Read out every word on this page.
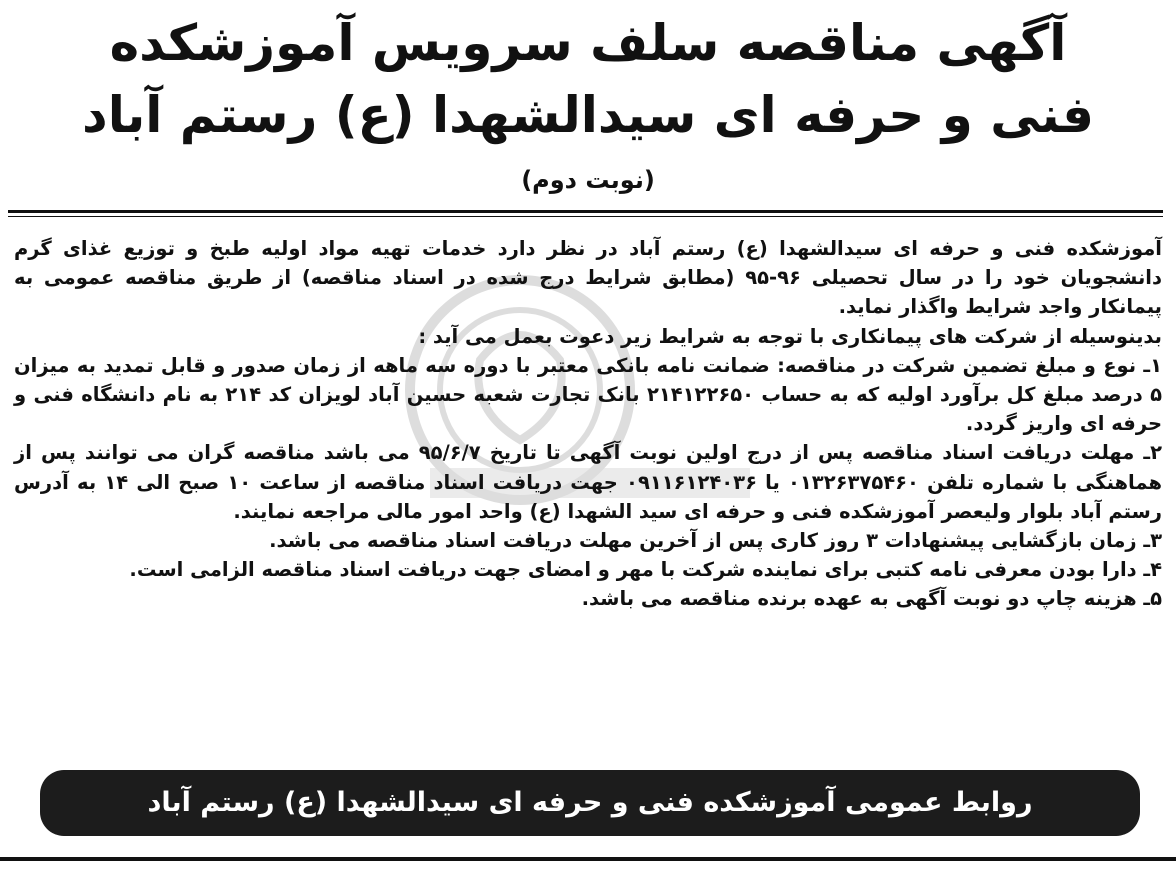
آگهی مناقصه سلف سرویس آموزشکده
فنی و حرفه ای سیدالشهدا (ع) رستم آباد
(نوبت دوم)

آموزشکده فنی و حرفه ای سیدالشهدا (ع) رستم آباد در نظر دارد خدمات تهیه مواد اولیه طبخ و توزیع غذای گرم دانشجویان خود را در سال تحصیلی ۹۶-۹۵ (مطابق شرایط درج شده در اسناد مناقصه) از طریق مناقصه عمومی به پیمانکار واجد شرایط واگذار نماید.

بدینوسیله از شرکت های پیمانکاری با توجه به شرایط زیر دعوت بعمل می آید :

۱ـ نوع و مبلغ تضمین شرکت در مناقصه: ضمانت نامه بانکی معتبر با دوره سه ماهه از زمان صدور و قابل تمدید به میزان ۵ درصد مبلغ کل برآورد اولیه که به حساب ۲۱۴۱۲۲۶۵۰ بانک تجارت شعبه حسین آباد لویزان کد ۲۱۴ به نام دانشگاه فنی و حرفه ای واریز گردد.

۲ـ مهلت دریافت اسناد مناقصه پس از درج اولین نوبت آگهی تا تاریخ ۹۵/۶/۷ می باشد مناقصه گران می توانند پس از هماهنگی با شماره تلفن ۰۱۳۲۶۳۷۵۴۶۰ یا ۰۹۱۱۶۱۲۴۰۳۶ جهت دریافت اسناد مناقصه از ساعت ۱۰ صبح الی ۱۴ به آدرس رستم آباد بلوار ولیعصر آموزشکده فنی و حرفه ای سید الشهدا (ع) واحد امور مالی مراجعه نمایند.

۳ـ زمان بازگشایی پیشنهادات ۳ روز کاری پس از آخرین مهلت دریافت اسناد مناقصه می باشد.

۴ـ دارا بودن معرفی نامه کتبی برای نماینده شرکت با مهر و امضای جهت دریافت اسناد مناقصه الزامی است.

۵ـ هزینه چاپ دو نوبت آگهی به عهده برنده مناقصه می باشد.

روابط عمومی آموزشکده فنی و حرفه ای سیدالشهدا (ع) رستم آباد
